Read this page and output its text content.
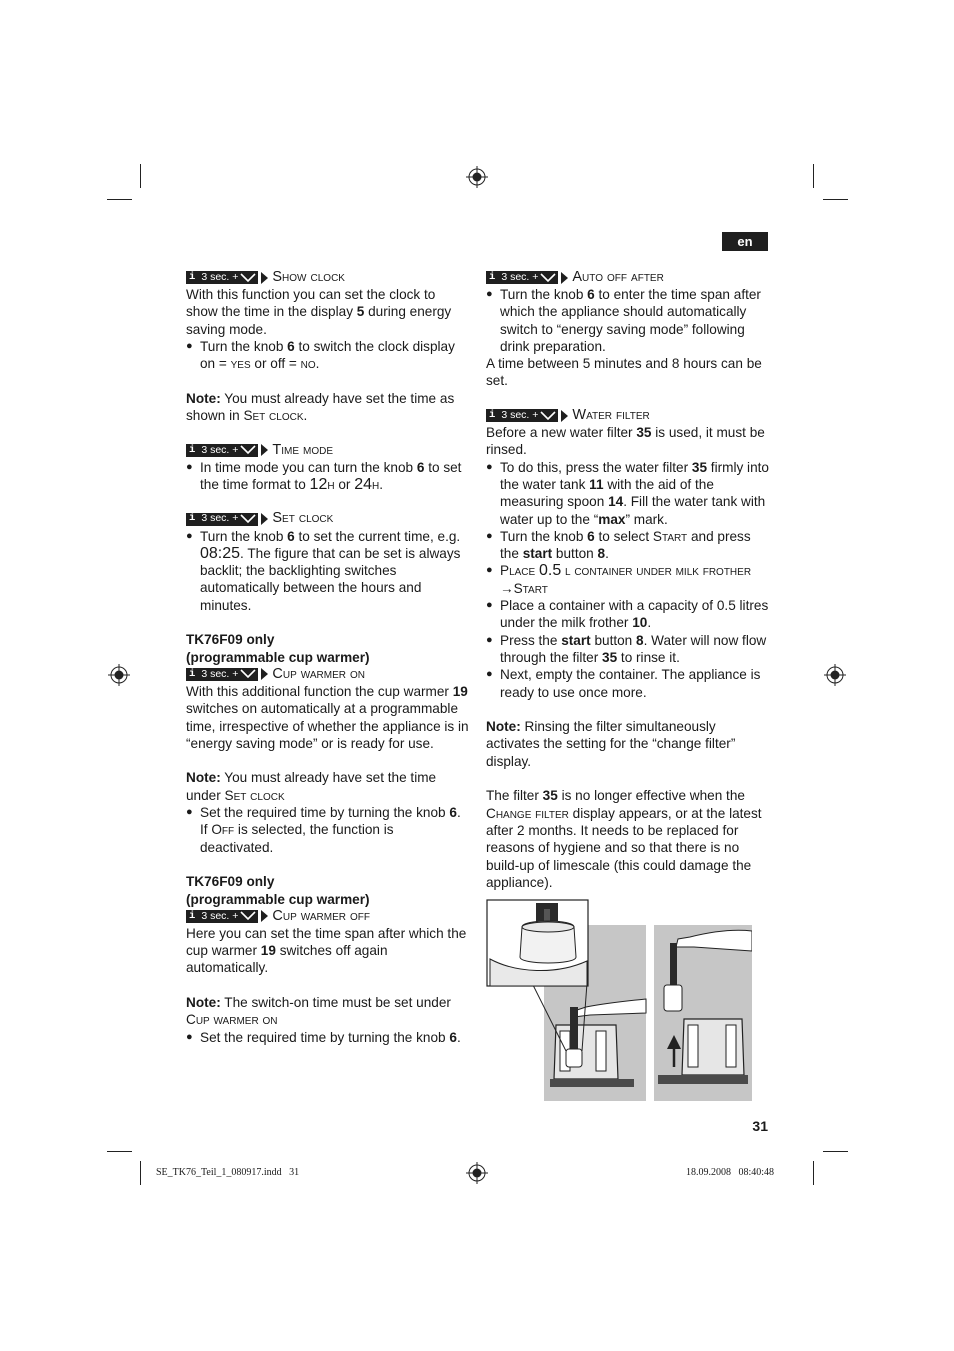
en
i 3 sec. + Show clock

With this function you can set the clock to show the time in the display 5 during energy saving mode.

● Turn the knob 6 to switch the clock display on = yes or off = no.

Note: You must already have set the time as shown in Set clock.

i 3 sec. + Time mode

● In time mode you can turn the knob 6 to set the time format to 12h or 24h.

i 3 sec. + Set clock

● Turn the knob 6 to set the current time, e.g. 08:25. The figure that can be set is always backlit; the backlighting switches automatically between the hours and minutes.

TK76F09 only

(programmable cup warmer)

i 3 sec. + Cup warmer on

With this additional function the cup warmer 19 switches on automatically at a programmable time, irrespective of whether the appliance is in “energy saving mode” or is ready for use.

Note: You must already have set the time under Set clock

● Set the required time by turning the knob 6. If Off is selected, the function is deactivated.

TK76F09 only

(programmable cup warmer)

i 3 sec. + Cup warmer off

Here you can set the time span after which the cup warmer 19 switches off again automatically.

Note: The switch-on time must be set under Cup warmer on

● Set the required time by turning the knob 6.

i 3 sec. + Auto off after

● Turn the knob 6 to enter the time span after which the appliance should automatically switch to “energy saving mode” following drink preparation.

A time between 5 minutes and 8 hours can be set.

i 3 sec. + Water filter

Before a new water filter 35 is used, it must be rinsed.

● To do this, press the water filter 35 firmly into the water tank 11 with the aid of the measuring spoon 14. Fill the water tank with water up to the “max” mark.

● Turn the knob 6 to select Start and press the start button 8.

● Place 0.5 l container under milk frother →Start

● Place a container with a capacity of 0.5 litres under the milk frother 10.

● Press the start button 8. Water will now flow through the filter 35 to rinse it.

● Next, empty the container. The appliance is ready to use once more.

Note: Rinsing the filter simultaneously activates the setting for the “change filter” display.

The filter 35 is no longer effective when the Change filter display appears, or at the latest after 2 months. It needs to be replaced for reasons of hygiene and so that there is no build-up of limescale (this could damage the appliance).

31
SE_TK76_Teil_1_080917.indd   31	18.09.2008   08:40:48
